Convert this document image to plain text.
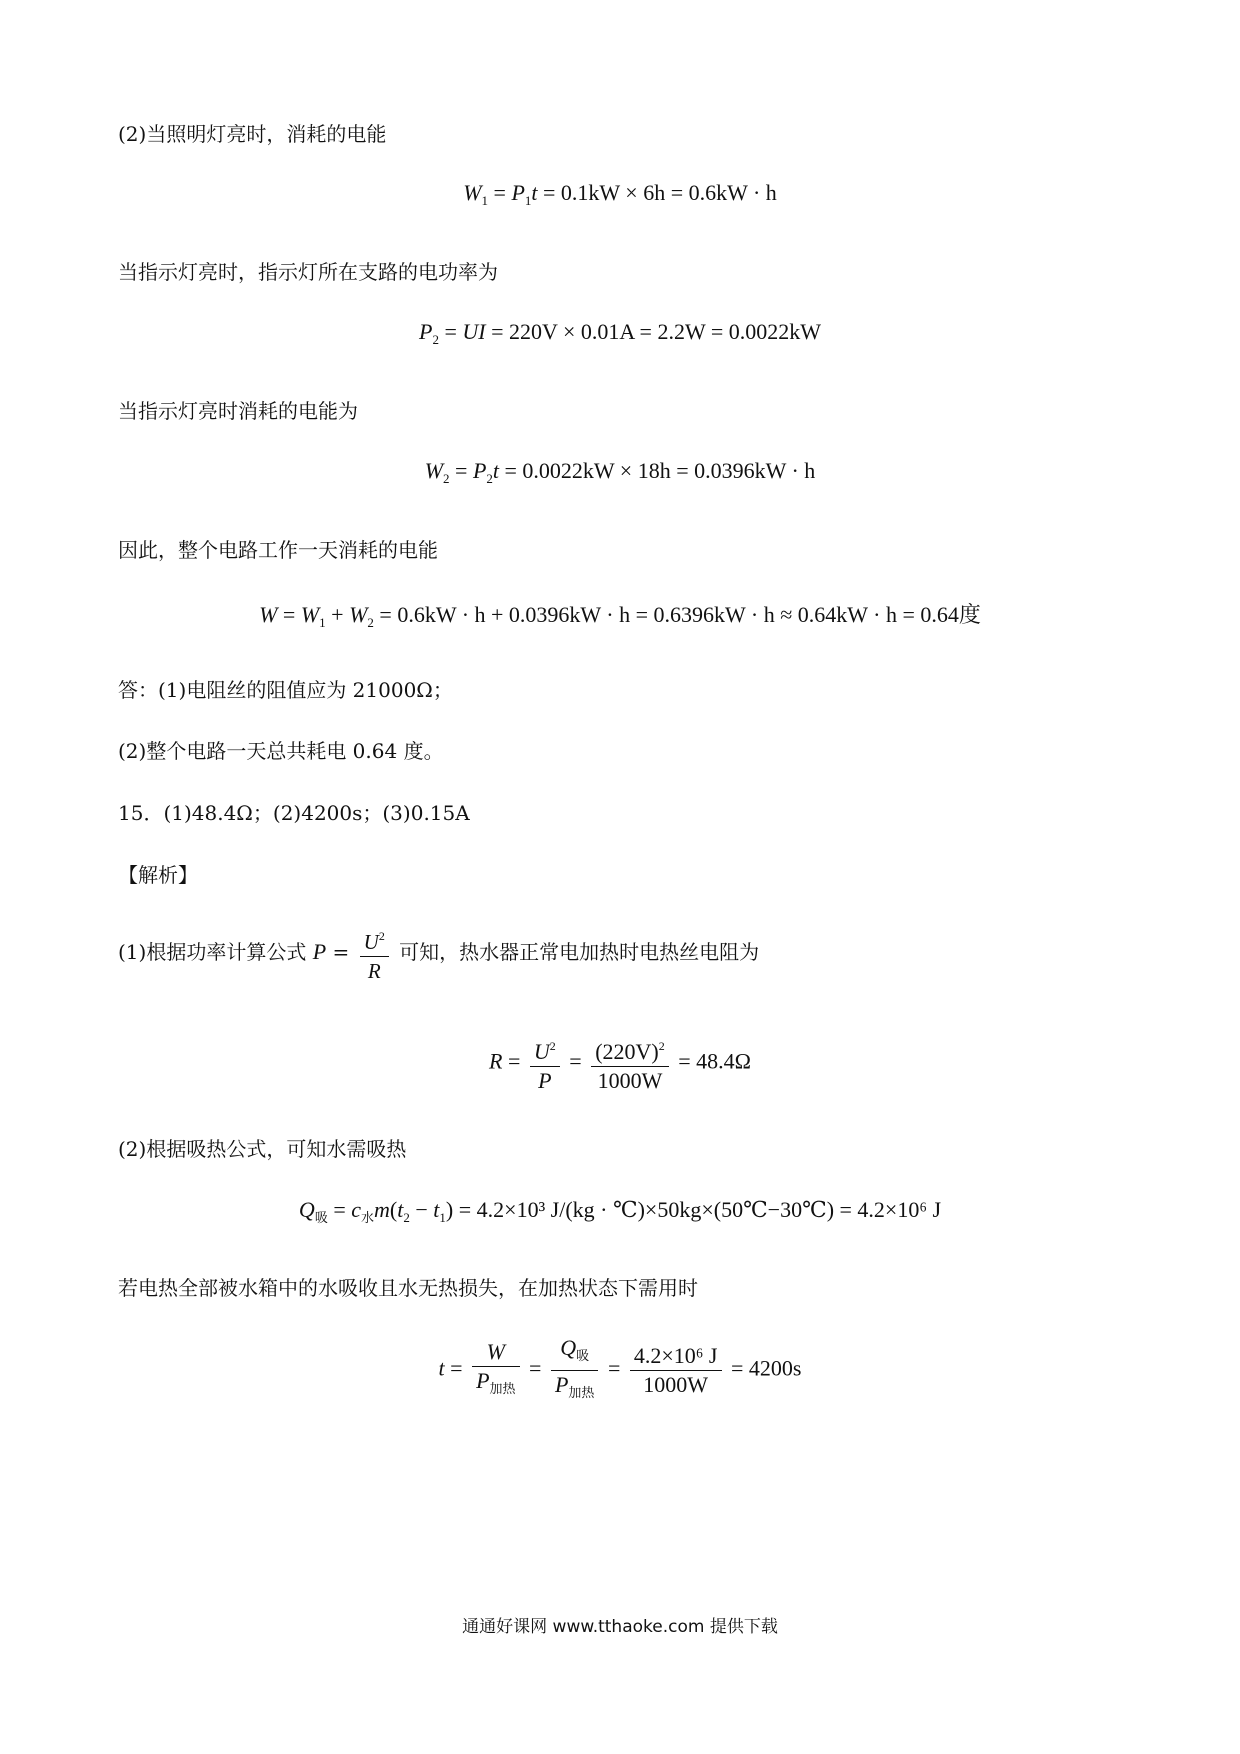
(2)当照明灯亮时，消耗的电能
$W_1 = P_1t = 0.1kW \times 6h = 0.6kW \cdot h$
当指示灯亮时，指示灯所在支路的电功率为
$P_2$ = UI = 220V × 0.01A = 2.2W = 0.0022kW
当指示灯亮时消耗的电能为
$W_2 = P_2t = 0.0022kW \times 18h = 0.0396kW \cdot h$
因此，整个电路工作一天消耗的电能
$W = W_1 + W_2 = 0.6kW \cdot h + 0.0396kW \cdot h = 0.6396kW \cdot h \approx 0.64kW \cdot h = 0.64$度
答：(1)电阻丝的阻值应为 21000Ω；
(2)整个电路一天总共耗电 0.64 度。
15．(1)48.4Ω；(2)4200s；(3)0.15A
【解析】
(1)根据功率计算公式 $P = \frac{U^2}{R}$ 可知，热水器正常电加热时电热丝电阻为
$R = \frac{U^2}{P} = \frac{(220V)^2}{1000W} = 48.4\Omega$
(2)根据吸热公式，可知水需吸热
$Q_吸 = c_水m(t_2 - t_1) = 4.2\times 10^3$ J/(kg · ℃)×50kg×(50℃−30℃) = 4.2×10⁶ J
若电热全部被水箱中的水吸收且水无热损失，在加热状态下需用时
$t = \frac{W}{P_{加热}} = \frac{Q_吸}{P_{加热}} = \frac{\text{4.2×10⁶ J}}{1000W} = 4200s$
通通好课网 www.tthaoke.com 提供下载
